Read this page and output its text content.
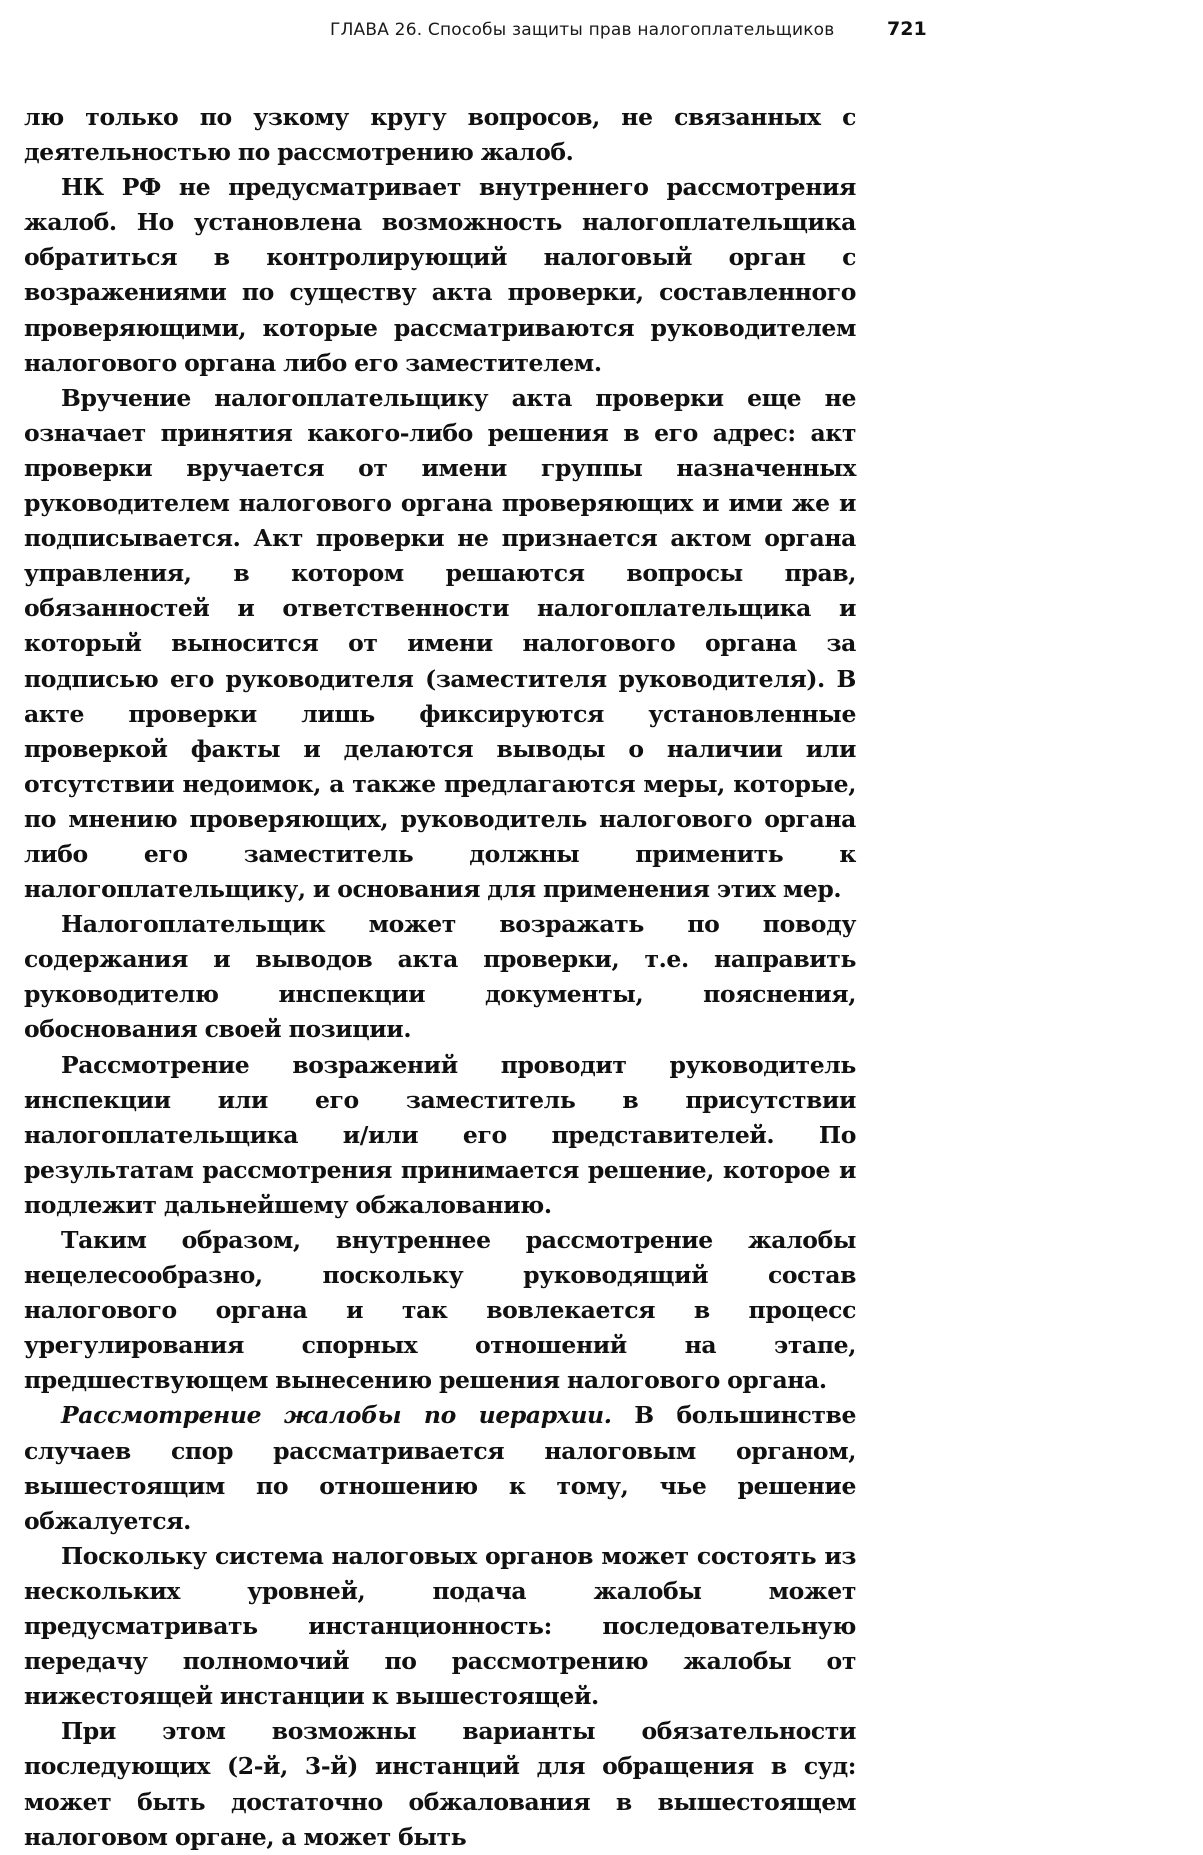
ГЛАВА 26. Способы защиты прав налогоплательщиков	721

лю только по узкому кругу вопросов, не связанных с деятельностью по рассмотрению жалоб.

НК РФ не предусматривает внутреннего рассмотрения жалоб. Но установлена возможность налогоплательщика обратиться в контролирующий налоговый орган с возражениями по существу акта проверки, составленного проверяющими, которые рассматриваются руководителем налогового органа либо его заместителем.

Вручение налогоплательщику акта проверки еще не означает принятия какого-либо решения в его адрес: акт проверки вручается от имени группы назначенных руководителем налогового органа проверяющих и ими же и подписывается. Акт проверки не признается актом органа управления, в котором решаются вопросы прав, обязанностей и ответственности налогоплательщика и который выносится от имени налогового органа за подписью его руководителя (заместителя руководителя). В акте проверки лишь фиксируются установленные проверкой факты и делаются выводы о наличии или отсутствии недоимок, а также предлагаются меры, которые, по мнению проверяющих, руководитель налогового органа либо его заместитель должны применить к налогоплательщику, и основания для применения этих мер.

Налогоплательщик может возражать по поводу содержания и выводов акта проверки, т.е. направить руководителю инспекции документы, пояснения, обоснования своей позиции.

Рассмотрение возражений проводит руководитель инспекции или его заместитель в присутствии налогоплательщика и/или его представителей. По результатам рассмотрения принимается решение, которое и подлежит дальнейшему обжалованию.

Таким образом, внутреннее рассмотрение жалобы нецелесообразно, поскольку руководящий состав налогового органа и так вовлекается в процесс урегулирования спорных отношений на этапе, предшествующем вынесению решения налогового органа.

Рассмотрение жалобы по иерархии. В большинстве случаев спор рассматривается налоговым органом, вышестоящим по отношению к тому, чье решение обжалуется.

Поскольку система налоговых органов может состоять из нескольких уровней, подача жалобы может предусматривать инстанционность: последовательную передачу полномочий по рассмотрению жалобы от нижестоящей инстанции к вышестоящей.

При этом возможны варианты обязательности последующих (2-й, 3-й) инстанций для обращения в суд: может быть достаточно обжалования в вышестоящем налоговом органе, а может быть
